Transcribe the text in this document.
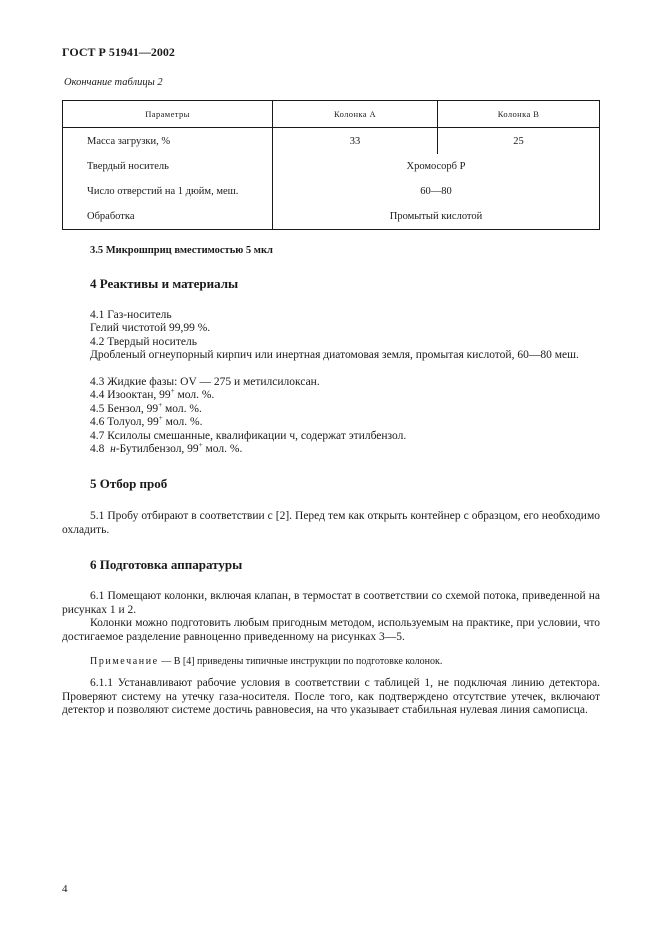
ГОСТ Р 51941—2002
Окончание таблицы 2
Параметры	Колонка А	Колонка В
Масса загрузки, %	33	25
Твердый носитель	Хромосорб Р	
Число отверстий на 1 дюйм, меш.	60—80	
Обработка	Промытый кислотой	
3.5 Микрошприц вместимостью 5 мкл
4 Реактивы и материалы
4.1 Газ-носитель
Гелий чистотой 99,99 %.
4.2 Твердый носитель
Дробленый огнеупорный кирпич или инертная диатомовая земля, промытая кислотой, 60—80 меш.
4.3 Жидкие фазы: OV — 275 и метилсилоксан.
4.4 Изооктан, 99+ мол. %.
4.5 Бензол, 99+ мол. %.
4.6 Толуол, 99+ мол. %.
4.7 Ксилолы смешанные, квалификации ч, содержат этилбензол.
4.8  н-Бутилбензол, 99+ мол. %.
5 Отбор проб
5.1 Пробу отбирают в соответствии с [2]. Перед тем как открыть контейнер с образцом, его необходимо охладить.
6 Подготовка аппаратуры
6.1 Помещают колонки, включая клапан, в термостат в соответствии со схемой потока, приведенной на рисунках 1 и 2.
Колонки можно подготовить любым пригодным методом, используемым на практике, при условии, что достигаемое разделение равноценно приведенному на рисунках 3—5.
Примечание — В [4] приведены типичные инструкции по подготовке колонок.
6.1.1 Устанавливают рабочие условия в соответствии с таблицей 1, не подключая линию детектора. Проверяют систему на утечку газа-носителя. После того, как подтверждено отсутствие утечек, включают детектор и позволяют системе достичь равновесия, на что указывает стабильная нулевая линия самописца.
4
